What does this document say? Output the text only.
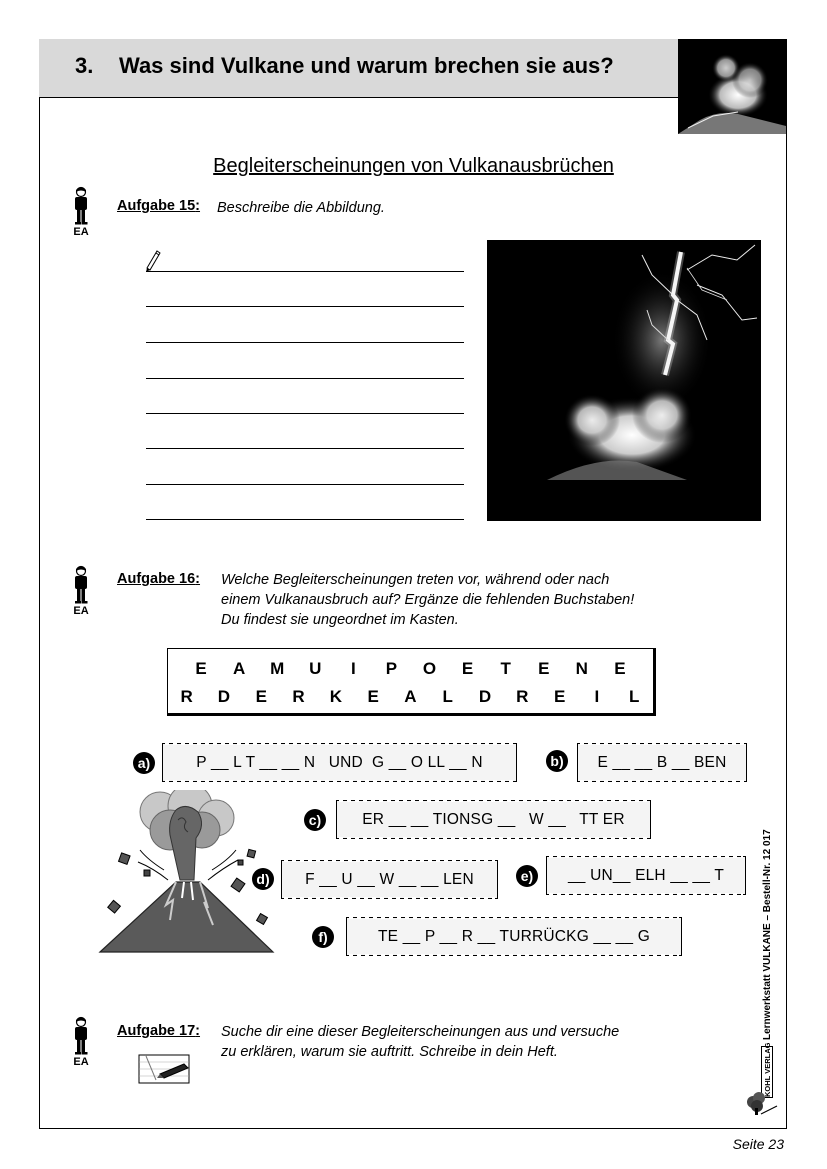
3. Was sind Vulkane und warum brechen sie aus?
Begleiterscheinungen von Vulkanausbrüchen
EA
Aufgabe 15: Beschreibe die Abbildung.
EA
Aufgabe 16: Welche Begleiterscheinungen treten vor, während oder nach
einem Vulkanausbruch auf? Ergänze die fehlenden Buchstaben!
Du findest sie ungeordnet im Kasten.
E	A	M	U	I	P	O	E	T	E	N	E
R	D	E	R	K	E	A	L	D	R	E	I	L
a)	P __ L T __ __ N   UND  G __ O LL __ N	b)	E __ __ B __ BEN
c)	ER __ __ TIONSG __   W __   TT ER
d)	F __ U __ W __ __ LEN	e)	__ UN__ ELH __ __ T
f)	TE __ P __ R __ TURRÜCKG __ __ G
EA
Aufgabe 17: Suche dir eine dieser Begleiterscheinungen aus und versuche
zu erklären, warum sie auftritt. Schreibe in dein Heft.
Lernwerkstatt VULKANE – Bestell-Nr. 12 017
KOHL VERLAG
Seite 23
